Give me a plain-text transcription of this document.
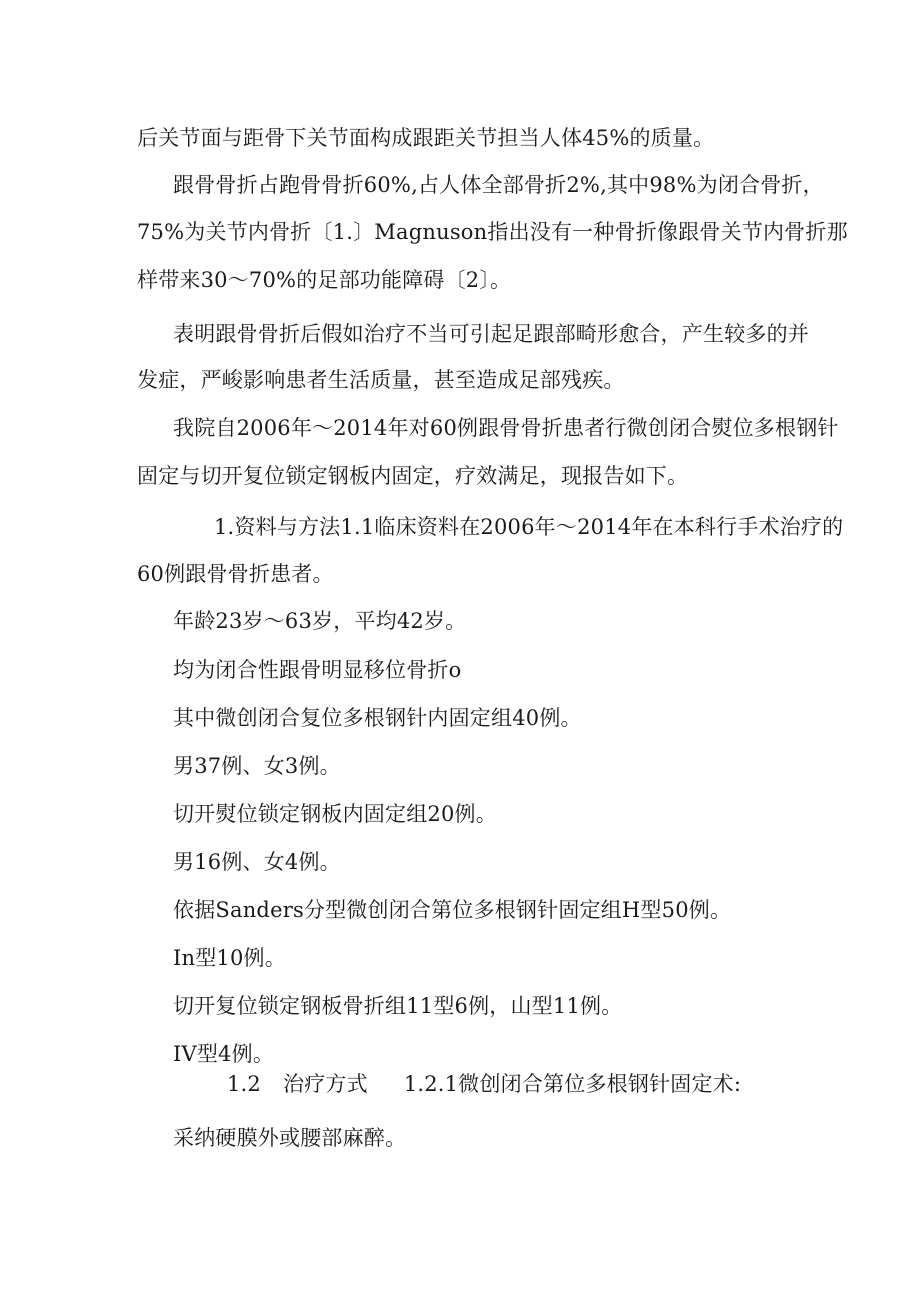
后关节面与距骨下关节面构成跟距关节担当人体45%的质量。
跟骨骨折占跑骨骨折60%,占人体全部骨折2%,其中98%为闭合骨折，
75%为关节内骨折〔1.〕Magnuson指出没有一种骨折像跟骨关节内骨折那
样带来30～70%的足部功能障碍〔2〕。
表明跟骨骨折后假如治疗不当可引起足跟部畸形愈合，产生较多的并
发症，严峻影响患者生活质量，甚至造成足部残疾。
我院自2006年～2014年对60例跟骨骨折患者行微创闭合熨位多根钢针
固定与切开复位锁定钢板内固定，疗效满足，现报告如下。
1.资料与方法1.1临床资料在2006年～2014年在本科行手术治疗的
60例跟骨骨折患者。
年龄23岁～63岁，平均42岁。
均为闭合性跟骨明显移位骨折o
其中微创闭合复位多根钢针内固定组40例。
男37例、女3例。
切开熨位锁定钢板内固定组20例。
男16例、女4例。
依据Sanders分型微创闭合第位多根钢针固定组H型50例。
In型10例。
切开复位锁定钢板骨折组11型6例，山型11例。
IV型4例。
1.2 治疗方式 1.2.1微创闭合第位多根钢针固定术:
采纳硬膜外或腰部麻醉。
